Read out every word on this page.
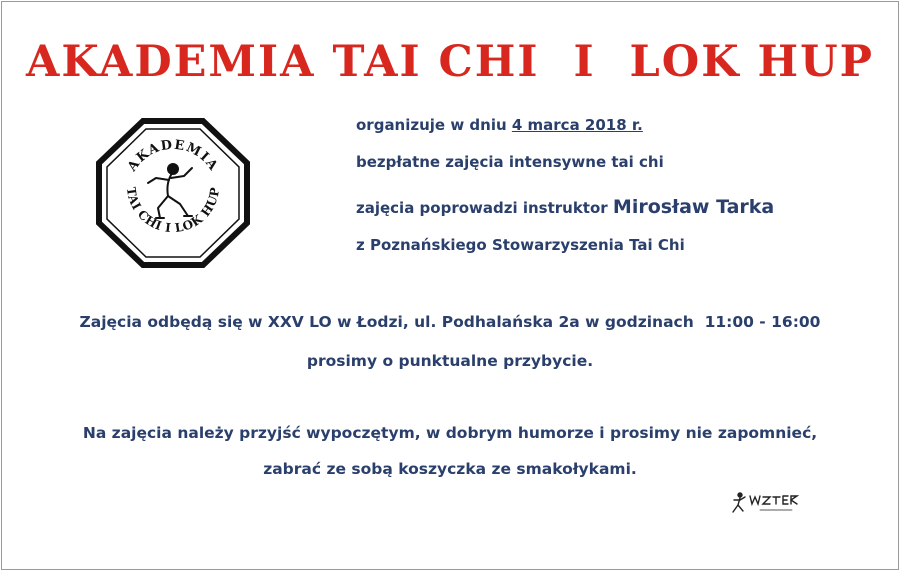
AKADEMIA TAI CHI  I  LOK HUP
AKADEMIA
TAI CHI I LOK HUP
organizuje w dniu 4 marca 2018 r.
bezpłatne zajęcia intensywne tai chi
zajęcia poprowadzi instruktor Mirosław Tarka
z Poznańskiego Stowarzyszenia Tai Chi
Zajęcia odbędą się w XXV LO w Łodzi, ul. Podhalańska 2a w godzinach  11:00 - 16:00
prosimy o punktualne przybycie.
Na zajęcia należy przyjść wypoczętym, w dobrym humorze i prosimy nie zapomnieć,
zabrać ze sobą koszyczka ze smakołykami.
